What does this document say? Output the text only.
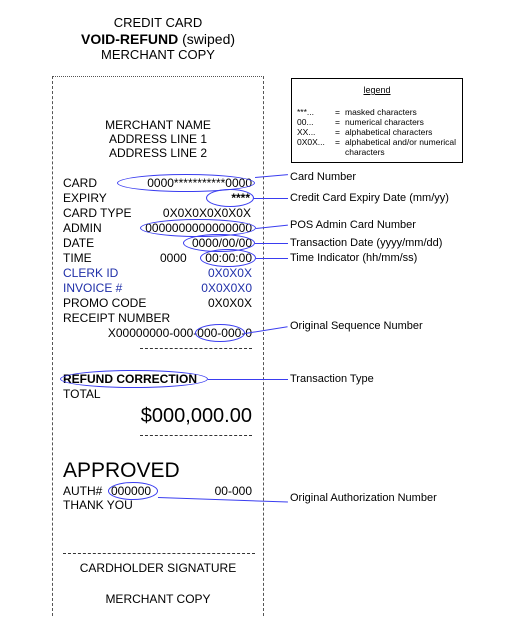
CREDIT CARD
VOID-REFUND (swiped)
MERCHANT COPY
legend
***...	= masked characters
00...	= numerical characters
XX...	= alphabetical characters
0X0X...	= alphabetical and/or numerical characters
MERCHANT NAME
ADDRESS LINE 1
ADDRESS LINE 2
CARD	0000***********0000
EXPIRY	****
CARD TYPE	0X0X0X0X0X0X
ADMIN	0000000000000000
DATE	0000/00/00
TIME	0000	00:00:00
CLERK ID	0X0X0X
INVOICE #	0X0X0X0
PROMO CODE	0X0X0X
RECEIPT NUMBER
X00000000-000-000-000-0
REFUND CORRECTION
TOTAL
$000,000.00
APPROVED
AUTH# 000000	00-000
THANK YOU
CARDHOLDER SIGNATURE
MERCHANT COPY
Card Number
Credit Card Expiry Date (mm/yy)
POS Admin Card Number
Transaction Date (yyyy/mm/dd)
Time Indicator (hh/mm/ss)
Original Sequence Number
Transaction Type
Original Authorization Number
